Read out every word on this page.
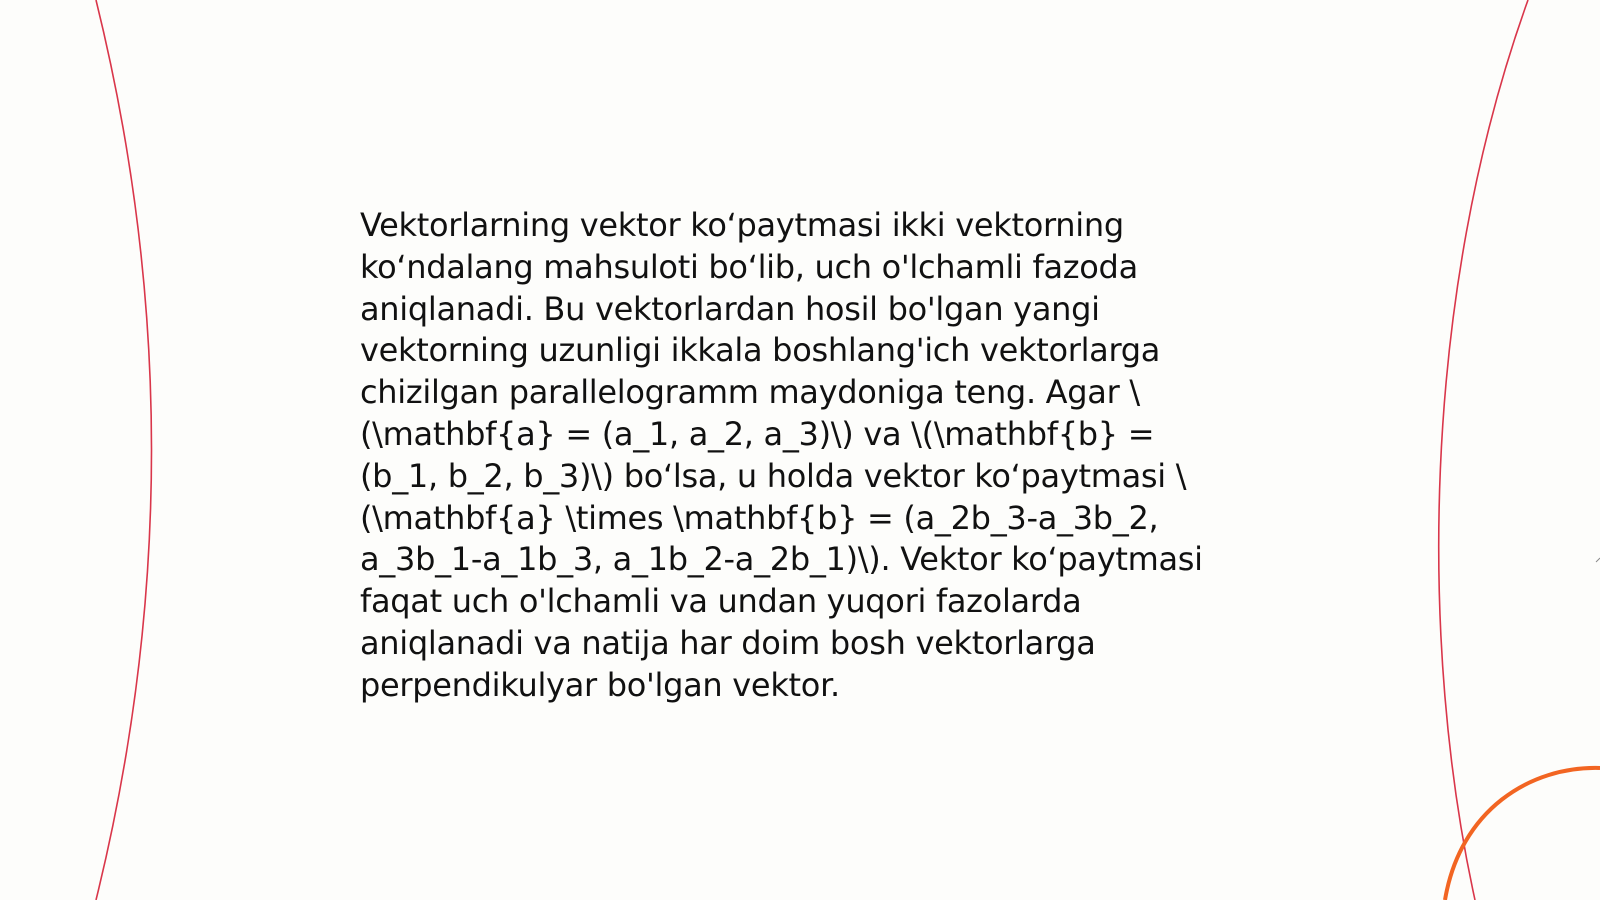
Vektorlarning vektor ko‘paytmasi ikki vektorning ko‘ndalang mahsuloti bo‘lib, uch o'lchamli fazoda aniqlanadi. Bu vektorlardan hosil bo'lgan yangi vektorning uzunligi ikkala boshlang'ich vektorlarga chizilgan parallelogramm maydoniga teng. Agar \(\mathbf{a} = (a_1, a_2, a_3)\) va \(\mathbf{b} = (b_1, b_2, b_3)\) bo‘lsa, u holda vektor ko‘paytmasi \(\mathbf{a} \times \mathbf{b} = (a_2b_3-a_3b_2, a_3b_1-a_1b_3, a_1b_2-a_2b_1)\). Vektor ko‘paytmasi faqat uch o'lchamli va undan yuqori fazolarda aniqlanadi va natija har doim bosh vektorlarga perpendikulyar bo'lgan vektor.
